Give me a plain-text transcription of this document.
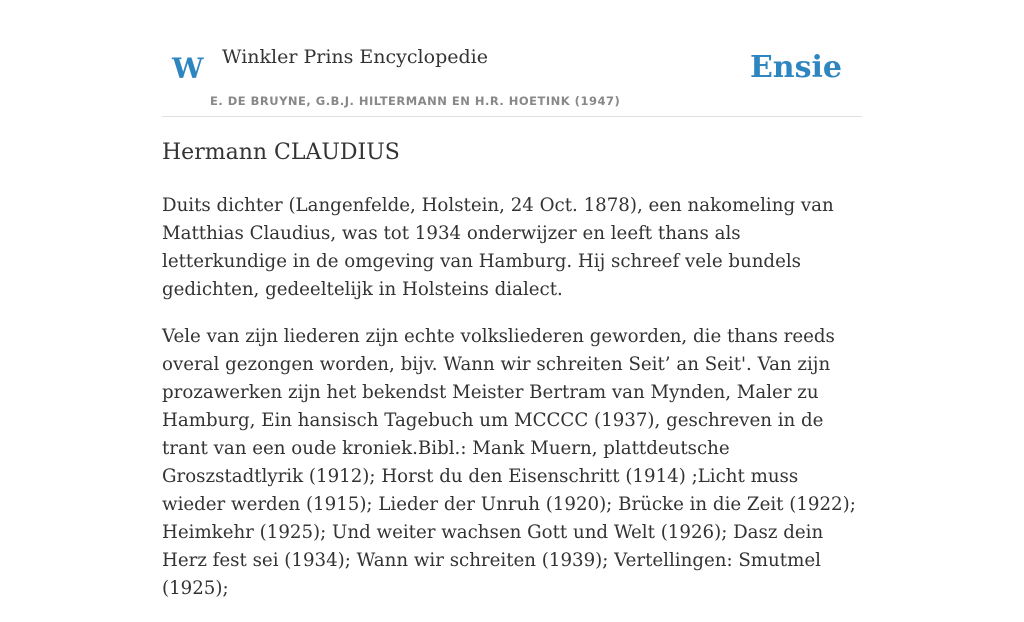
W Winkler Prins Encyclopedie
E. DE BRUYNE, G.B.J. HILTERMANN EN H.R. HOETINK (1947)
Ensie
Hermann CLAUDIUS

Duits dichter (Langenfelde, Holstein, 24 Oct. 1878), een nakomeling van Matthias Claudius, was tot 1934 onderwijzer en leeft thans als letterkundige in de omgeving van Hamburg. Hij schreef vele bundels gedichten, gedeeltelijk in Holsteins dialect.

Vele van zijn liederen zijn echte volksliederen geworden, die thans reeds overal gezongen worden, bijv. Wann wir schreiten Seit’ an Seit'. Van zijn prozawerken zijn het bekendst Meister Bertram van Mynden, Maler zu Hamburg, Ein hansisch Tagebuch um MCCCC (1937), geschreven in de trant van een oude kroniek.Bibl.: Mank Muern, plattdeutsche Groszstadtlyrik (1912); Horst du den Eisenschritt (1914) ;Licht muss wieder werden (1915); Lieder der Unruh (1920); Brücke in die Zeit (1922); Heimkehr (1925); Und weiter wachsen Gott und Welt (1926); Dasz dein Herz fest sei (1934); Wann wir schreiten (1939); Vertellingen: Smutmel (1925);
